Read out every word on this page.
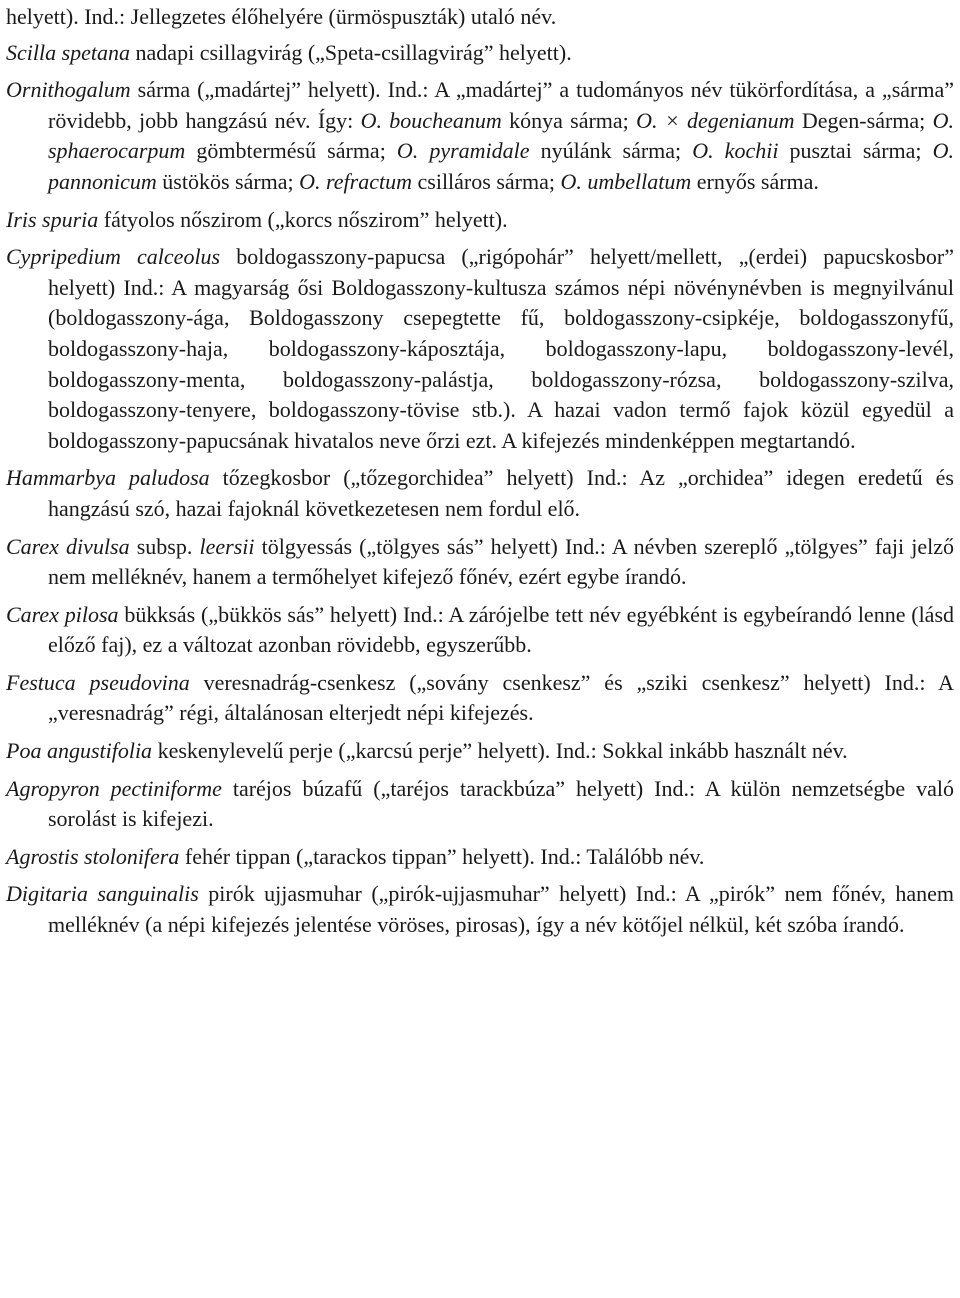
helyett). Ind.: Jellegzetes élőhelyére (ürmöspuszták) utaló név.

Scilla spetana nadapi csillagvirág („Speta-csillagvirág” helyett).

Ornithogalum sárma („madártej” helyett). Ind.: A „madártej” a tudományos név tükörfordítása, a „sárma” rövidebb, jobb hangzású név. Így: O. boucheanum kónya sárma; O. × degenianum Degen-sárma; O. sphaerocarpum gömbtermésű sárma; O. pyramidale nyúlánk sárma; O. kochii pusztai sárma; O. pannonicum üstökös sárma; O. refractum csilláros sárma; O. umbellatum ernyős sárma.

Iris spuria fátyolos nőszirom („korcs nőszirom” helyett).

Cypripedium calceolus boldogasszony-papucsa („rigópohár” helyett/mellett, „(erdei) papucskosbor” helyett) Ind.: A magyarság ősi Boldogasszony-kultusza számos népi növénynévben is megnyilvánul (boldogasszony-ága, Boldogasszony csepegtette fű, boldogasszony-csipkéje, boldogasszonyfű, boldogasszony-haja, boldogasszony-káposztája, boldogasszony-lapu, boldogasszony-levél, boldogasszony-menta, boldogasszony-palástja, boldogasszony-rózsa, boldogasszony-szilva, boldogasszony-tenyere, boldogasszony-tövise stb.). A hazai vadon termő fajok közül egyedül a boldogasszony-papucsának hivatalos neve őrzi ezt. A kifejezés mindenképpen megtartandó.

Hammarbya paludosa tőzegkosbor („tőzegorchidea” helyett) Ind.: Az „orchidea” idegen eredetű és hangzású szó, hazai fajoknál következetesen nem fordul elő.

Carex divulsa subsp. leersii tölgyessás („tölgyes sás” helyett) Ind.: A névben szereplő „tölgyes” faji jelző nem melléknév, hanem a termőhelyet kifejező főnév, ezért egybe írandó.

Carex pilosa bükksás („bükkös sás” helyett) Ind.: A zárójelbe tett név egyébként is egybeírandó lenne (lásd előző faj), ez a változat azonban rövidebb, egyszerűbb.

Festuca pseudovina veresnadrág-csenkesz („sovány csenkesz” és „sziki csenkesz” helyett) Ind.: A „veresnadrág” régi, általánosan elterjedt népi kifejezés.

Poa angustifolia keskenylevelű perje („karcsú perje” helyett). Ind.: Sokkal inkább használt név.

Agropyron pectiniforme taréjos búzafű („taréjos tarackbúza” helyett) Ind.: A külön nemzetségbe való sorolást is kifejezi.

Agrostis stolonifera fehér tippan („tarackos tippan” helyett). Ind.: Találóbb név.

Digitaria sanguinalis pirók ujjasmuhar („pirók-ujjasmuhar” helyett) Ind.: A „pirók” nem főnév, hanem melléknév (a népi kifejezés jelentése vöröses, pirosas), így a név kötőjel nélkül, két szóba írandó.
